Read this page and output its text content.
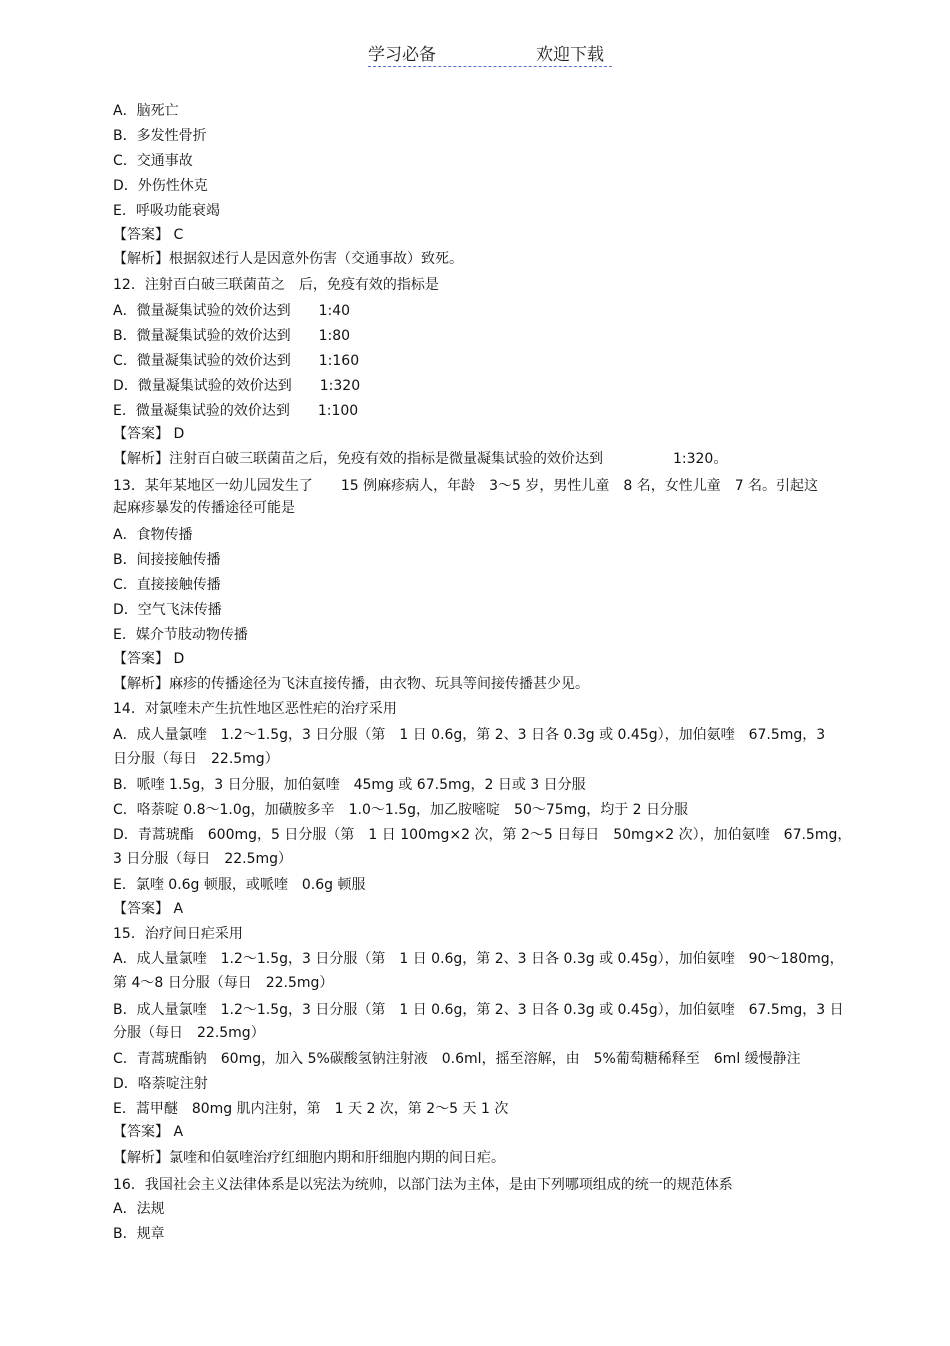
学习必备	欢迎下载
A．脑死亡
B．多发性骨折
C．交通事故
D．外伤性休克
E．呼吸功能衰竭
【答案】 C
【解析】根据叙述行人是因意外伤害（交通事故）致死。
12．注射百白破三联菌苗之　后，免疫有效的指标是
A．微量凝集试验的效价达到　　1:40
B．微量凝集试验的效价达到　　1:80
C．微量凝集试验的效价达到　　1:160
D．微量凝集试验的效价达到　　1:320
E．微量凝集试验的效价达到　　1:100
【答案】 D
【解析】注射百白破三联菌苗之后，免疫有效的指标是微量凝集试验的效价达到　　　　　1:320。
13．某年某地区一幼儿园发生了　　15 例麻疹病人，年龄　3～5 岁，男性儿童　8 名，女性儿童　7 名。引起这
起麻疹暴发的传播途径可能是
A．食物传播
B．间接接触传播
C．直接接触传播
D．空气飞沫传播
E．媒介节肢动物传播
【答案】 D
【解析】麻疹的传播途径为飞沫直接传播，由衣物、玩具等间接传播甚少见。
14．对氯喹未产生抗性地区恶性疟的治疗采用
A．成人量氯喹　1.2～1.5g，3 日分服（第　1 日 0.6g，第 2、3 日各 0.3g 或 0.45g），加伯氨喹　67.5mg，3
日分服（每日　22.5mg）
B．哌喹 1.5g，3 日分服，加伯氨喹　45mg 或 67.5mg，2 日或 3 日分服
C．咯萘啶 0.8～1.0g，加磺胺多辛　1.0～1.5g，加乙胺嘧啶　50～75mg，均于 2 日分服
D．青蒿琥酯　600mg，5 日分服（第　1 日 100mg×2 次，第 2～5 日每日　50mg×2 次），加伯氨喹　67.5mg，
3 日分服（每日　22.5mg）
E．氯喹 0.6g 顿服，或哌喹　0.6g 顿服
【答案】 A
15．治疗间日疟采用
A．成人量氯喹　1.2～1.5g，3 日分服（第　1 日 0.6g，第 2、3 日各 0.3g 或 0.45g），加伯氨喹　90～180mg，
第 4～8 日分服（每日　22.5mg）
B．成人量氯喹　1.2～1.5g，3 日分服（第　1 日 0.6g，第 2、3 日各 0.3g 或 0.45g），加伯氨喹　67.5mg，3 日
分服（每日　22.5mg）
C．青蒿琥酯钠　60mg，加入 5%碳酸氢钠注射液　0.6ml，摇至溶解，由　5%葡萄糖稀释至　6ml 缓慢静注
D．咯萘啶注射
E．蒿甲醚　80mg 肌内注射，第　1 天 2 次，第 2～5 天 1 次
【答案】 A
【解析】氯喹和伯氨喹治疗红细胞内期和肝细胞内期的间日疟。
16．我国社会主义法律体系是以宪法为统帅，以部门法为主体，是由下列哪项组成的统一的规范体系
A．法规
B．规章
